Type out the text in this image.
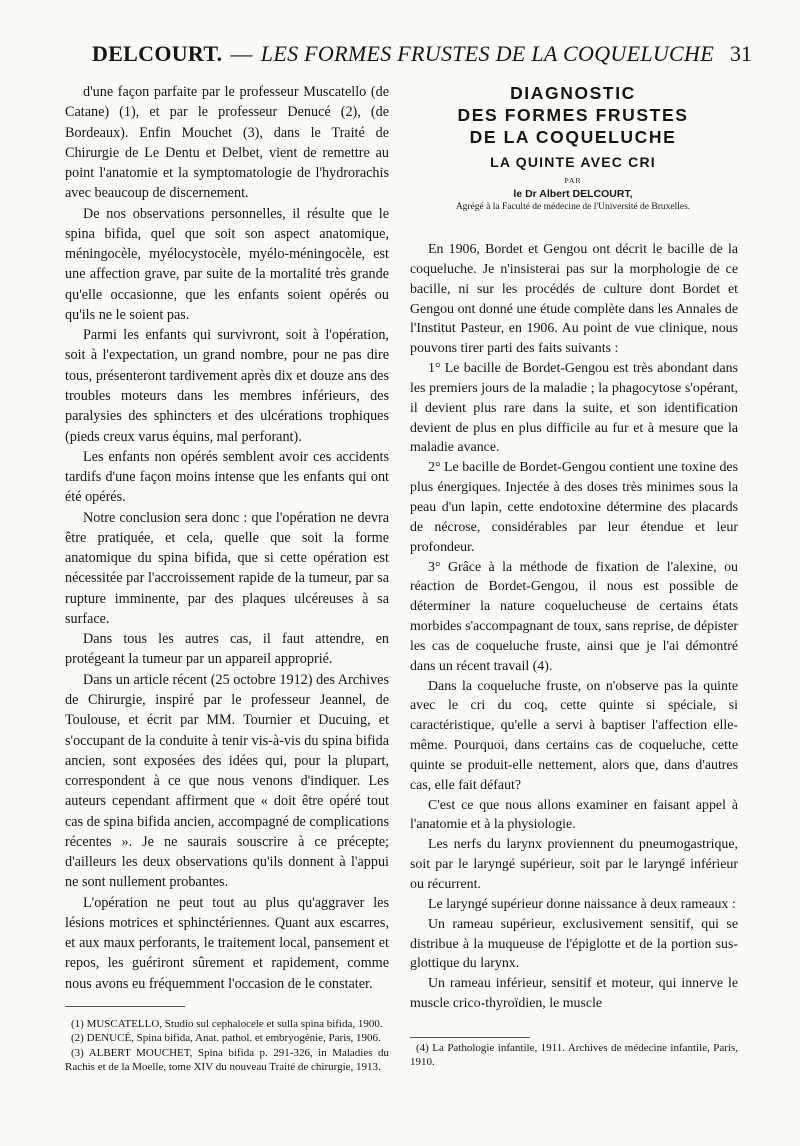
DELCOURT. — LES FORMES FRUSTES DE LA COQUELUCHE 31
DIAGNOSTIC
DES FORMES FRUSTES
DE LA COQUELUCHE
LA QUINTE AVEC CRI
PAR
le Dr Albert DELCOURT,
Agrégé à la Faculté de médecine de l'Université de Bruxelles.

d'une façon parfaite par le professeur Muscatello (de Catane) (1), et par le professeur Denucé (2), (de Bordeaux). Enfin Mouchet (3), dans le Traité de Chirurgie de Le Dentu et Delbet, vient de remettre au point l'anatomie et la symptomatologie de l'hydrorachis avec beaucoup de discernement.

De nos observations personnelles, il résulte que le spina bifida, quel que soit son aspect anatomique, méningocèle, myélocystocèle, myélo-méningocèle, est une affection grave, par suite de la mortalité très grande qu'elle occasionne, que les enfants soient opérés ou qu'ils ne le soient pas.

Parmi les enfants qui survivront, soit à l'opération, soit à l'expectation, un grand nombre, pour ne pas dire tous, présenteront tardivement après dix et douze ans des troubles moteurs dans les membres inférieurs, des paralysies des sphincters et des ulcérations trophiques (pieds creux varus équins, mal perforant).

Les enfants non opérés semblent avoir ces accidents tardifs d'une façon moins intense que les enfants qui ont été opérés.

Notre conclusion sera donc : que l'opération ne devra être pratiquée, et cela, quelle que soit la forme anatomique du spina bifida, que si cette opération est nécessitée par l'accroissement rapide de la tumeur, par sa rupture imminente, par des plaques ulcéreuses à sa surface.

Dans tous les autres cas, il faut attendre, en protégeant la tumeur par un appareil approprié.

Dans un article récent (25 octobre 1912) des Archives de Chirurgie, inspiré par le professeur Jeannel, de Toulouse, et écrit par MM. Tournier et Ducuing, et s'occupant de la conduite à tenir vis-à-vis du spina bifida ancien, sont exposées des idées qui, pour la plupart, correspondent à ce que nous venons d'indiquer. Les auteurs cependant affirment que « doit être opéré tout cas de spina bifida ancien, accompagné de complications récentes ». Je ne saurais souscrire à ce précepte; d'ailleurs les deux observations qu'ils donnent à l'appui ne sont nullement probantes.

L'opération ne peut tout au plus qu'aggraver les lésions motrices et sphinctériennes. Quant aux escarres, et aux maux perforants, le traitement local, pansement et repos, les guériront sûrement et rapidement, comme nous avons eu fréquemment l'occasion de le constater.

(1) MUSCATELLO, Studio sul cephalocele et sulla spina bifida, 1900.

(2) DENUCÉ, Spina bifida, Anat. pathol. et embryogénie, Paris, 1906.

(3) ALBERT MOUCHET, Spina bifida p. 291-326, in Maladies du Rachis et de la Moelle, tome XIV du nouveau Traité de chirurgie, 1913.

En 1906, Bordet et Gengou ont décrit le bacille de la coqueluche. Je n'insisterai pas sur la morphologie de ce bacille, ni sur les procédés de culture dont Bordet et Gengou ont donné une étude complète dans les Annales de l'Institut Pasteur, en 1906. Au point de vue clinique, nous pouvons tirer parti des faits suivants :

1° Le bacille de Bordet-Gengou est très abondant dans les premiers jours de la maladie ; la phagocytose s'opérant, il devient plus rare dans la suite, et son identification devient de plus en plus difficile au fur et à mesure que la maladie avance.

2° Le bacille de Bordet-Gengou contient une toxine des plus énergiques. Injectée à des doses très minimes sous la peau d'un lapin, cette endotoxine détermine des placards de nécrose, considérables par leur étendue et leur profondeur.

3° Grâce à la méthode de fixation de l'alexine, ou réaction de Bordet-Gengou, il nous est possible de déterminer la nature coquelucheuse de certains états morbides s'accompagnant de toux, sans reprise, de dépister les cas de coqueluche fruste, ainsi que je l'ai démontré dans un récent travail (4).

Dans la coqueluche fruste, on n'observe pas la quinte avec le cri du coq, cette quinte si spéciale, si caractéristique, qu'elle a servi à baptiser l'affection elle-même. Pourquoi, dans certains cas de coqueluche, cette quinte se produit-elle nettement, alors que, dans d'autres cas, elle fait défaut?

C'est ce que nous allons examiner en faisant appel à l'anatomie et à la physiologie.

Les nerfs du larynx proviennent du pneumogastrique, soit par le laryngé supérieur, soit par le laryngé inférieur ou récurrent.

Le laryngé supérieur donne naissance à deux rameaux :

Un rameau supérieur, exclusivement sensitif, qui se distribue à la muqueuse de l'épiglotte et de la portion sus-glottique du larynx.

Un rameau inférieur, sensitif et moteur, qui innerve le muscle crico-thyroïdien, le muscle

(4) La Pathologie infantile, 1911. Archives de médecine infantile, Paris, 1910.
